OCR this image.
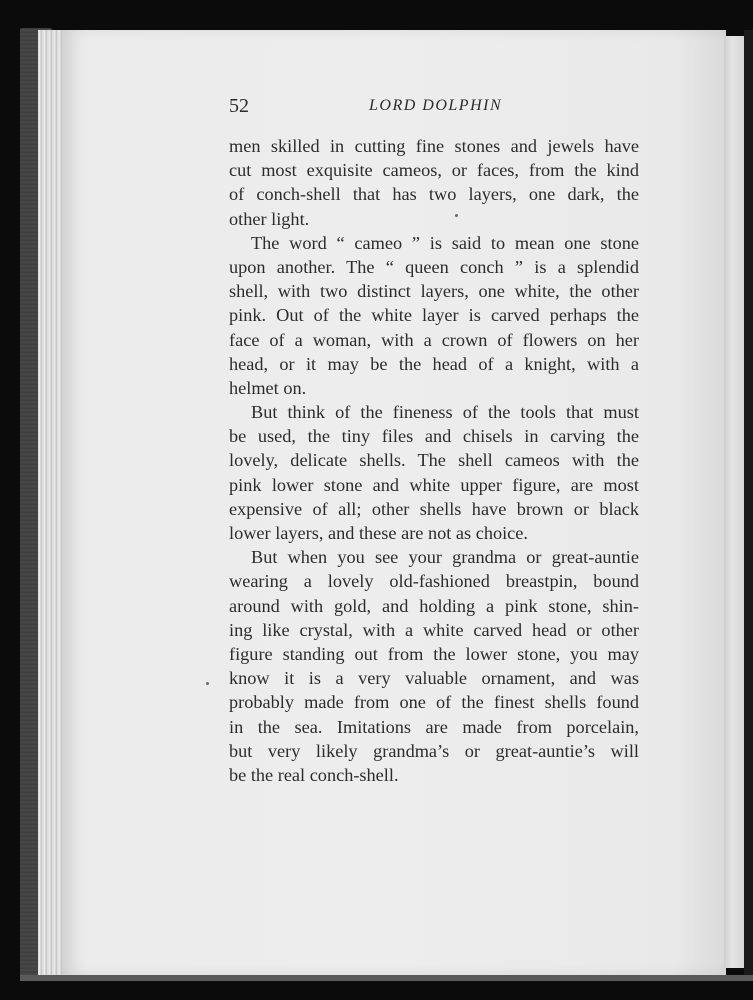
52	LORD DOLPHIN
men skilled in cutting fine stones and jewels have
cut most exquisite cameos, or faces, from the kind
of conch-shell that has two layers, one dark, the
other light.
The word “ cameo ” is said to mean one stone
upon another. The “ queen conch ” is a splendid
shell, with two distinct layers, one white, the other
pink. Out of the white layer is carved perhaps the
face of a woman, with a crown of flowers on her
head, or it may be the head of a knight, with a
helmet on.
But think of the fineness of the tools that must
be used, the tiny files and chisels in carving the
lovely, delicate shells. The shell cameos with the
pink lower stone and white upper figure, are most
expensive of all; other shells have brown or black
lower layers, and these are not as choice.
But when you see your grandma or great-auntie
wearing a lovely old-fashioned breastpin, bound
around with gold, and holding a pink stone, shin-
ing like crystal, with a white carved head or other
figure standing out from the lower stone, you may
know it is a very valuable ornament, and was
probably made from one of the finest shells found
in the sea. Imitations are made from porcelain,
but very likely grandma’s or great-auntie’s will
be the real conch-shell.
